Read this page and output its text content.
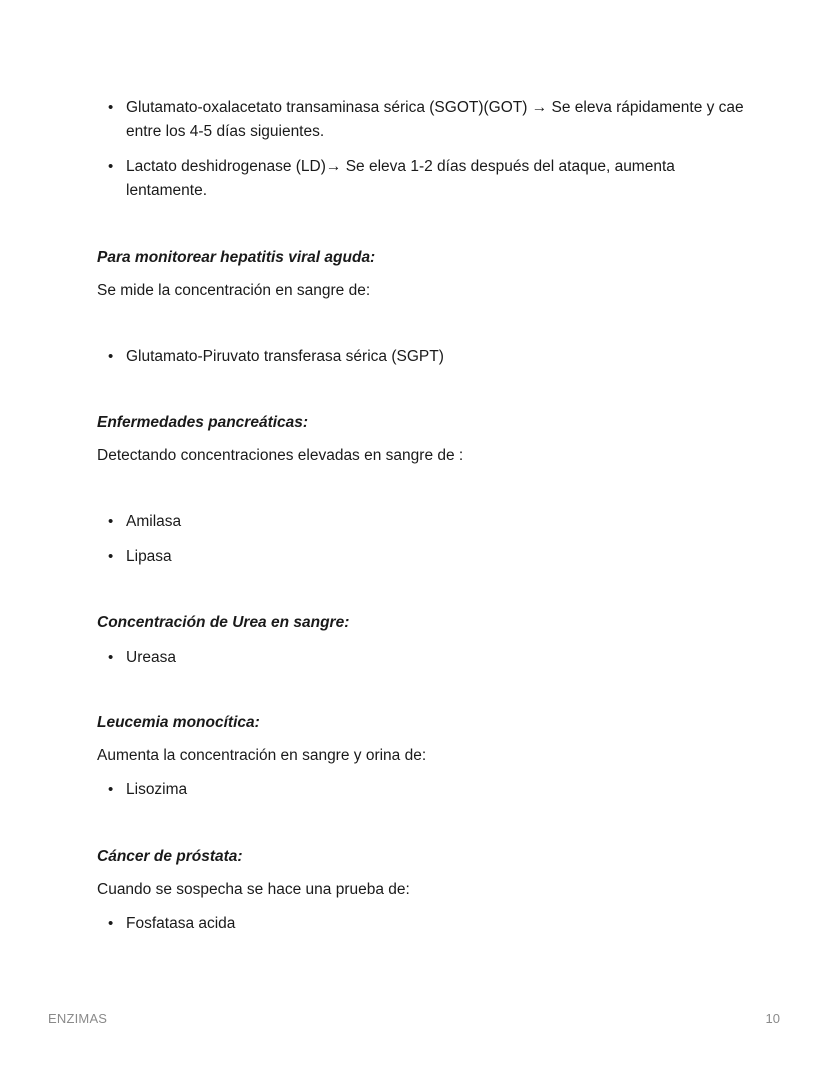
• Glutamato-oxalacetato transaminasa sérica (SGOT)(GOT) → Se eleva rápidamente y cae entre los 4-5 días siguientes.
• Lactato deshidrogenase (LD)→ Se eleva 1-2 días después del ataque, aumenta lentamente.

Para monitorear hepatitis viral aguda:

Se mide la concentración en sangre de:

• Glutamato-Piruvato transferasa sérica (SGPT)

Enfermedades pancreáticas:

Detectando concentraciones elevadas en sangre de :

• Amilasa
• Lipasa

Concentración de Urea en sangre:

• Ureasa

Leucemia monocítica:

Aumenta la concentración en sangre y orina de:

• Lisozima

Cáncer de próstata:

Cuando se sospecha se hace una prueba de:

• Fosfatasa acida
ENZIMAS	10
